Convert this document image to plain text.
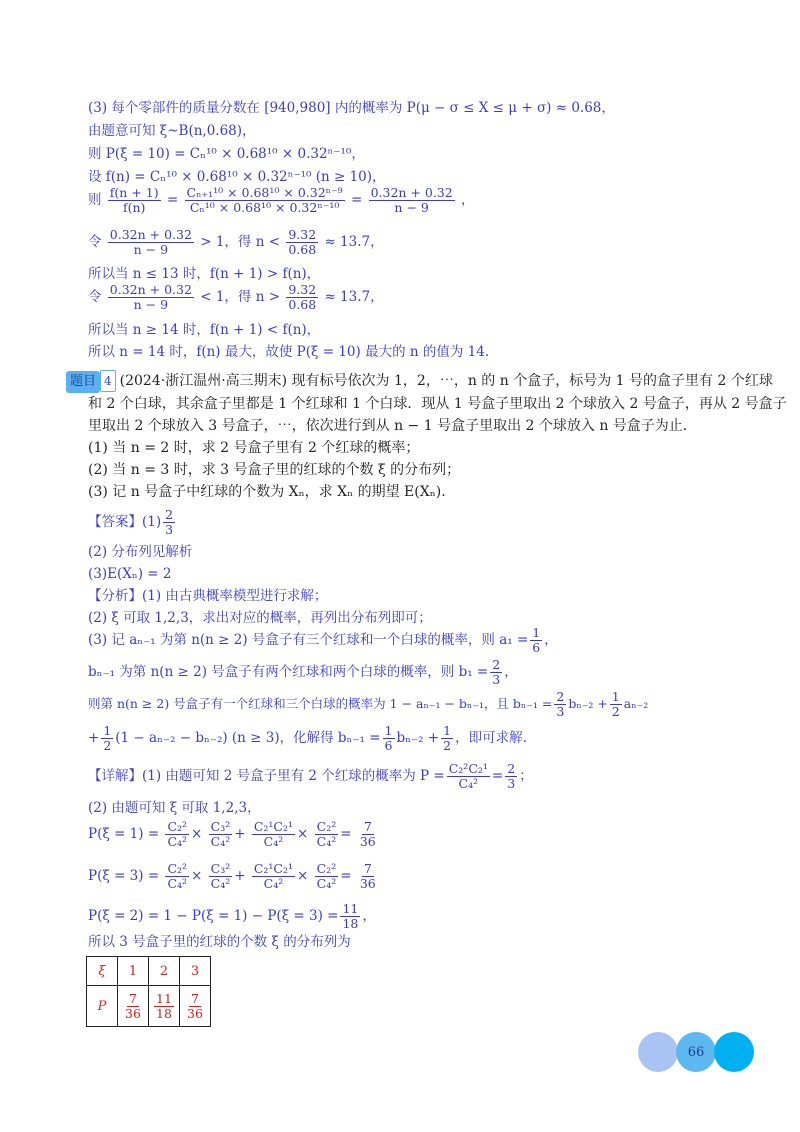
(3) 每个零部件的质量分数在 [940,980] 内的概率为 P(μ − σ ≤ X ≤ μ + σ) ≈ 0.68，
由题意可知 ξ~B(n,0.68)，
则 P(ξ = 10) = Cₙ¹⁰ × 0.68¹⁰ × 0.32ⁿ⁻¹⁰，
设 f(n) = Cₙ¹⁰ × 0.68¹⁰ × 0.32ⁿ⁻¹⁰ (n ≥ 10)，
则 $\frac{f(n + 1)}{f(n)} = \frac{\text{Cₙ₊₁¹⁰ × 0.68¹⁰ × 0.32ⁿ⁻⁹}}{\text{Cₙ¹⁰ × 0.68¹⁰ × 0.32ⁿ⁻¹⁰}} = \frac{0.32n + 0.32}{n - 9}$ ，
令 $\frac{0.32n + 0.32}{n - 9} > 1$，得 $n < \frac{9.32}{0.68} \approx 13.7$，
所以当 n ≤ 13 时，f(n + 1) > f(n)，
令 $\frac{0.32n + 0.32}{n - 9} < 1$，得 $n > \frac{9.32}{0.68} \approx 13.7$，
所以当 n ≥ 14 时，f(n + 1) < f(n)，
所以 n = 14 时，f(n) 最大，故使 P(ξ = 10) 最大的 n 的值为 14.
题目 4 (2024·浙江温州·高三期末) 现有标号依次为 1，2，⋯，n 的 n 个盒子，标号为 1 号的盒子里有 2 个红球
和 2 个白球，其余盒子里都是 1 个红球和 1 个白球．现从 1 号盒子里取出 2 个球放入 2 号盒子，再从 2 号盒子
里取出 2 个球放入 3 号盒子，⋯，依次进行到从 n − 1 号盒子里取出 2 个球放入 n 号盒子为止.
(1) 当 n = 2 时，求 2 号盒子里有 2 个红球的概率；
(2) 当 n = 3 时，求 3 号盒子里的红球的个数 ξ 的分布列；
(3) 记 n 号盒子中红球的个数为 Xₙ，求 Xₙ 的期望 E(Xₙ).
【答案】$(1) \frac{2}{3}$
(2) 分布列见解析
(3)E(Xₙ) = 2
【分析】(1) 由古典概率模型进行求解；
(2) ξ 可取 1,2,3，求出对应的概率，再列出分布列即可；
(3) 记 aₙ₋₁ 为第 n(n ≥ 2) 号盒子有三个红球和一个白球的概率，则 $a_1 = \frac{1}{6}$ ，
bₙ₋₁ 为第 n(n ≥ 2) 号盒子有两个红球和两个白球的概率，则 $b_1 = \frac{2}{3}$ ，
则第 n(n ≥ 2) 号盒子有一个红球和三个白球的概率为 1 − aₙ₋₁ − bₙ₋₁，且 $b_{n-1} = \frac{2}{3} b_{n-2} + \frac{1}{2} a_{n-2}$
+ $\frac{1}{2} (1 - a_{n-2} - b_{n-2}) (n \ge 3)$，化解得 $b_{n-1} = \frac{1}{6} b_{n-2} + \frac{1}{2}$ ，即可求解.
【详解】(1) 由题可知 2 号盒子里有 2 个红球的概率为 $P = \frac{\text{C₂²C₂¹}}{\text{C₄²}} = \frac{2}{3}$ ；
(2) 由题可知 ξ 可取 1,2,3，
$P(\xi = 1) = \frac{\text{C₂²}}{\text{C₄²}} \times \frac{\text{C₃²}}{\text{C₄²}} + \frac{\text{C₂¹C₂¹}}{\text{C₄²}} \times \frac{\text{C₂²}}{\text{C₄²}} = \frac{7}{36}$
$P(\xi = 3) = \frac{\text{C₂²}}{\text{C₄²}} \times \frac{\text{C₃²}}{\text{C₄²}} + \frac{\text{C₂¹C₂¹}}{\text{C₄²}} \times \frac{\text{C₂²}}{\text{C₄²}} = \frac{7}{36}$
$P(\xi = 2) = 1 - P(\xi = 1) - P(\xi = 3) = \frac{11}{18}$ ，
所以 3 号盒子里的红球的个数 ξ 的分布列为
ξ	1	2	3
P	$\frac{7}{36}$	$\frac{11}{18}$	$\frac{7}{36}$
66
